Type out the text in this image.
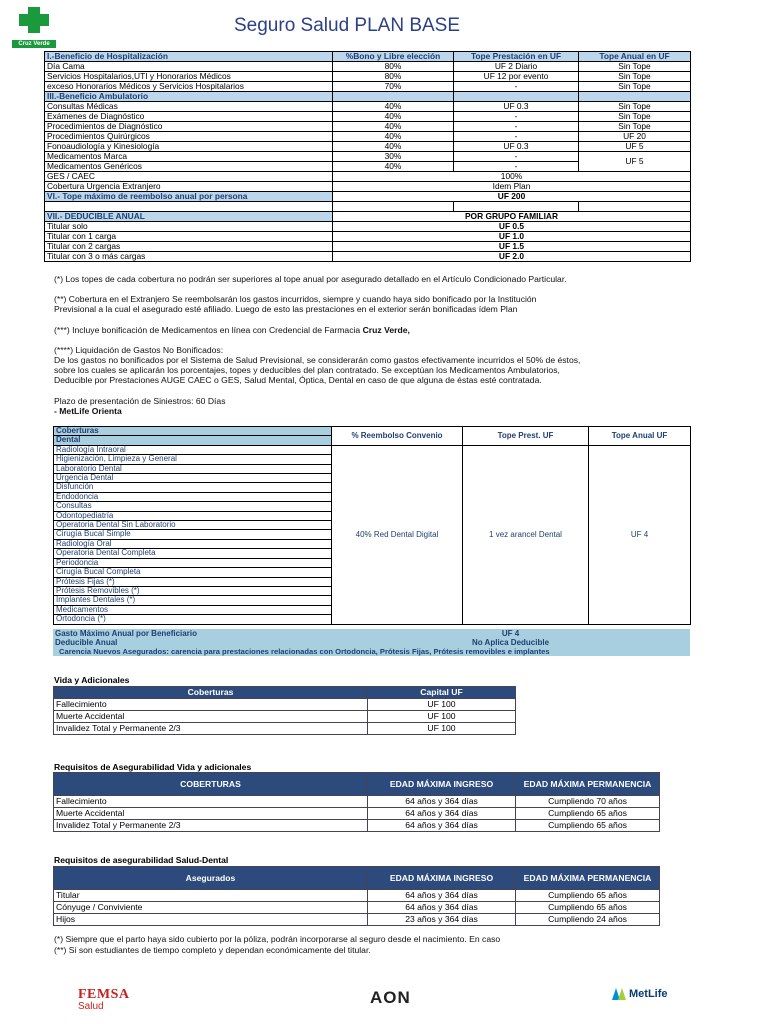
Cruz Verde
Seguro Salud PLAN BASE
I.-Beneficio de Hospitalización	%Bono y Libre elección	Tope Prestación en UF	Tope Anual en UF
Día Cama	80%	UF 2 Diario	Sin Tope
Servicios Hospitalarios,UTI y Honorarios Médicos	80%	UF 12 por evento	Sin Tope
exceso Honorarios Médicos y Servicios Hospitalarios	70%	-	Sin Tope
III.-Beneficio Ambulatorio			
Consultas Médicas	40%	UF 0.3	Sin Tope
Exámenes de Diagnóstico	40%	-	Sin Tope
Procedimientos de Diagnóstico	40%	-	Sin Tope
Procedimientos Quirúrgicos	40%	-	UF 20
Fonoaudiología y Kinesiología	40%	UF 0.3	UF 5
Medicamentos Marca	30%	-	UF 5
Medicamentos Genéricos	40%	-	
GES / CAEC	100%		
Cobertura Urgencia Extranjero	Idem Plan		
VI.- Tope máximo de reembolso anual por persona	UF 200		

VII.- DEDUCIBLE ANUAL	POR GRUPO FAMILIAR		
Titular solo	UF 0.5		
Titular con 1 carga	UF 1.0		
Titular con 2 cargas	UF 1.5		
Titular con 3 o más cargas	UF 2.0		
(*) Los topes de cada cobertura no podrán ser superiores al tope anual por asegurado detallado en el Artículo Condicionado Particular.
(**) Cobertura en el Extranjero Se reembolsarán los gastos incurridos, siempre y cuando haya sido bonificado por la Institución
Previsional a la cual el asegurado esté afiliado. Luego de esto las prestaciones en el exterior serán bonificadas ídem Plan
(***) Incluye bonificación de Medicamentos en línea con Credencial de Farmacia Cruz Verde,
(****) Liquidación de Gastos No Bonificados:
De los gastos no bonificados por el Sistema de Salud Previsional, se considerarán como gastos efectivamente incurridos el 50% de éstos,
sobre los cuales se aplicarán los porcentajes, topes y deducibles del plan contratado. Se exceptúan los Medicamentos Ambulatorios,
Deducible por Prestaciones AUGE CAEC o GES, Salud Mental, Óptica, Dental en caso de que alguna de éstas esté contratada.
Plazo de presentación de Siniestros: 60 Días
- MetLife Orienta
Coberturas	% Reembolso Convenio	Tope Prest. UF	Tope Anual UF
Dental			
Radiología Intraoral	40% Red Dental Digital	1 vez arancel Dental	UF 4
Higienización, Limpieza y General			
Laboratorio Dental			
Urgencia Dental			
Disfunción			
Endodoncia			
Consultas			
Odontopediatría			
Operatoria Dental Sin Laboratorio			
Cirugía Bucal Simple			
Radiología Oral			
Operatoria Dental Completa			
Periodoncia			
Cirugía Bucal Completa			
Prótesis Fijas (*)			
Prótesis Removibles (*)			
Implantes Dentales (*)			
Medicamentos			
Ortodoncia (*)			
Gasto Máximo Anual por Beneficiario	UF 4
Deducible Anual	No Aplica Deducible
Carencia Nuevos Asegurados: carencia para prestaciones relacionadas con Ortodoncia, Prótesis Fijas, Prótesis removibles e implantes	
Vida y Adicionales
Coberturas	Capital UF
Fallecimiento	UF 100
Muerte Accidental	UF 100
Invalidez Total y Permanente 2/3	UF 100
Requisitos de Asegurabilidad Vida y adicionales
COBERTURAS	EDAD MÁXIMA INGRESO	EDAD MÁXIMA PERMANENCIA
Fallecimiento	64 años y 364 días	Cumpliendo 70 años
Muerte Accidental	64 años y 364 días	Cumpliendo 65 años
Invalidez Total y Permanente 2/3	64 años y 364 días	Cumpliendo 65 años
Requisitos de asegurabilidad Salud-Dental
Asegurados	EDAD MÁXIMA INGRESO	EDAD MÁXIMA PERMANENCIA
Titular	64 años y 364 días	Cumpliendo 65 años
Cónyuge / Conviviente	64 años y 364 días	Cumpliendo 65 años
Hijos	23 años y 364 días	Cumpliendo 24 años
(*) Siempre que el parto haya sido cubierto por la póliza, podrán incorporarse al seguro desde el nacimiento. En caso
(**) Si son estudiantes de tiempo completo y dependan económicamente del titular.
FEMSA
Salud	AON	MetLife
